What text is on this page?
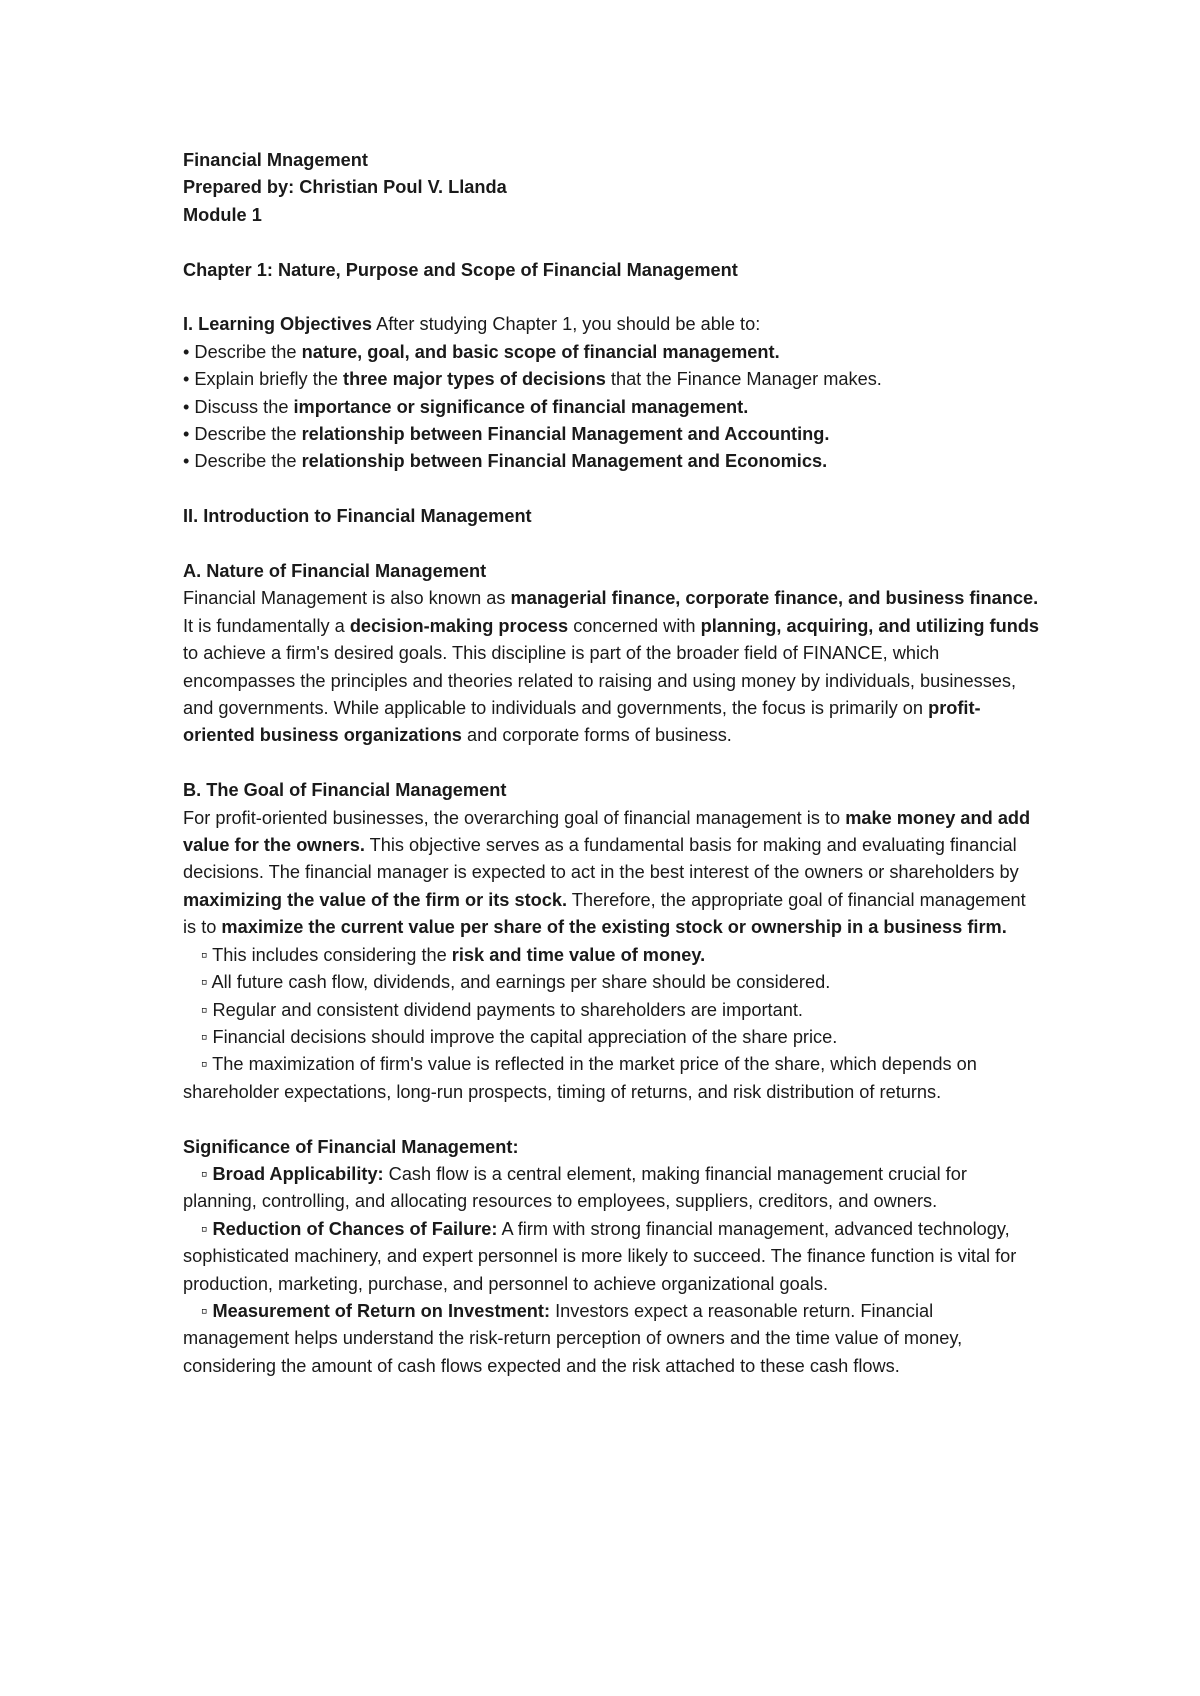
Financial Mnagement
Prepared by: Christian Poul V. Llanda
Module 1
Chapter 1: Nature, Purpose and Scope of Financial Management

I. Learning Objectives After studying Chapter 1, you should be able to:

• Describe the nature, goal, and basic scope of financial management.
• Explain briefly the three major types of decisions that the Finance Manager makes.
• Discuss the importance or significance of financial management.
• Describe the relationship between Financial Management and Accounting.
• Describe the relationship between Financial Management and Economics.
II. Introduction to Financial Management
A. Nature of Financial Management

Financial Management is also known as managerial finance, corporate finance, and business finance. It is fundamentally a decision-making process concerned with planning, acquiring, and utilizing funds to achieve a firm's desired goals. This discipline is part of the broader field of FINANCE, which encompasses the principles and theories related to raising and using money by individuals, businesses, and governments. While applicable to individuals and governments, the focus is primarily on profit-oriented business organizations and corporate forms of business.

B. The Goal of Financial Management

For profit-oriented businesses, the overarching goal of financial management is to make money and add value for the owners. This objective serves as a fundamental basis for making and evaluating financial decisions. The financial manager is expected to act in the best interest of the owners or shareholders by maximizing the value of the firm or its stock. Therefore, the appropriate goal of financial management is to maximize the current value per share of the existing stock or ownership in a business firm.

▫ This includes considering the risk and time value of money.
▫ All future cash flow, dividends, and earnings per share should be considered.
▫ Regular and consistent dividend payments to shareholders are important.
▫ Financial decisions should improve the capital appreciation of the share price.
▫ The maximization of firm's value is reflected in the market price of the share, which depends on shareholder expectations, long-run prospects, timing of returns, and risk distribution of returns.
Significance of Financial Management:
▫ Broad Applicability: Cash flow is a central element, making financial management crucial for planning, controlling, and allocating resources to employees, suppliers, creditors, and owners.
▫ Reduction of Chances of Failure: A firm with strong financial management, advanced technology, sophisticated machinery, and expert personnel is more likely to succeed. The finance function is vital for production, marketing, purchase, and personnel to achieve organizational goals.
▫ Measurement of Return on Investment: Investors expect a reasonable return. Financial management helps understand the risk-return perception of owners and the time value of money, considering the amount of cash flows expected and the risk attached to these cash flows.
